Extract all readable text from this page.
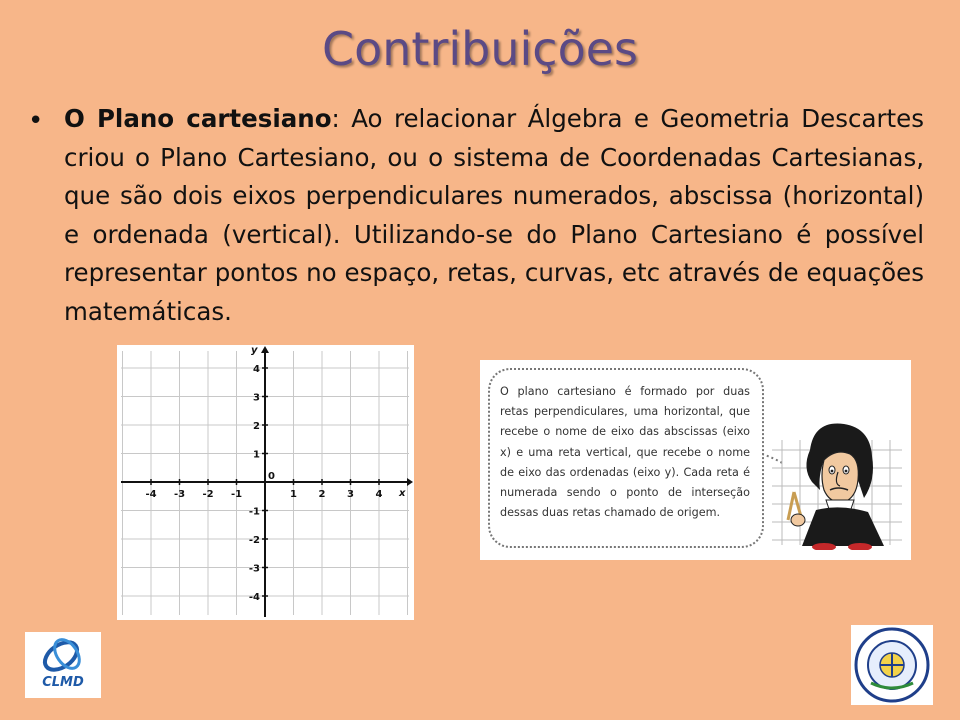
Contribuições
• O Plano cartesiano: Ao relacionar Álgebra e Geometria Descartes criou o Plano Cartesiano, ou o sistema de Coordenadas Cartesianas, que são dois eixos perpendiculares numerados, abscissa (horizontal) e ordenada (vertical). Utilizando-se do Plano Cartesiano é possível representar pontos no espaço, retas, curvas, etc através de equações matemáticas.
-4 -3 -2 -1	1 2 3 4
4
3
2
1
-1
-2
-3
-4
0
x
y
O plano cartesiano é formado por duas retas perpendiculares, uma horizontal, que recebe o nome de eixo das abscissas (eixo x) e uma reta vertical, que recebe o nome de eixo das ordenadas (eixo y). Cada reta é numerada sendo o ponto de interseção dessas duas retas chamado de origem.
CLMD
